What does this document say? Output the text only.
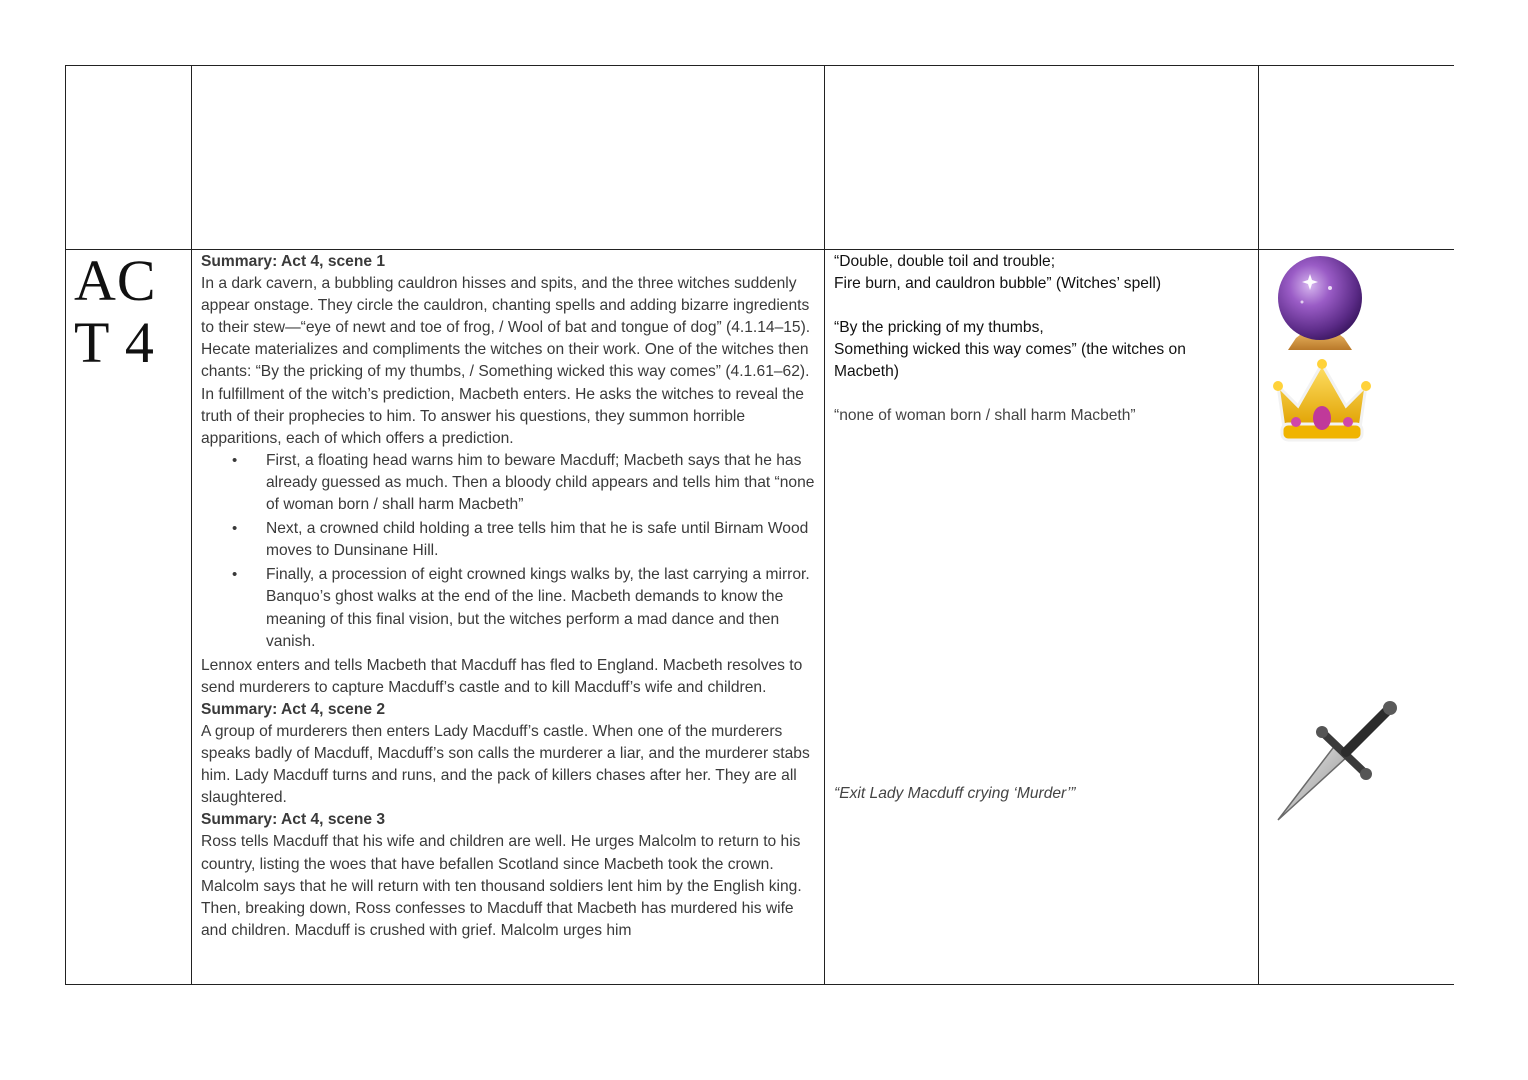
AC
T 4

Summary: Act 4, scene 1

In a dark cavern, a bubbling cauldron hisses and spits, and the three witches suddenly appear onstage. They circle the cauldron, chanting spells and adding bizarre ingredients to their stew—“eye of newt and toe of frog, / Wool of bat and tongue of dog” (4.1.14–15). Hecate materializes and compliments the witches on their work. One of the witches then chants: “By the pricking of my thumbs, / Something wicked this way comes” (4.1.61–62). In fulfillment of the witch’s prediction, Macbeth enters. He asks the witches to reveal the truth of their prophecies to him. To answer his questions, they summon horrible apparitions, each of which offers a prediction.

• First, a floating head warns him to beware Macduff; Macbeth says that he has already guessed as much. Then a bloody child appears and tells him that “none of woman born / shall harm Macbeth”
• Next, a crowned child holding a tree tells him that he is safe until Birnam Wood moves to Dunsinane Hill.
• Finally, a procession of eight crowned kings walks by, the last carrying a mirror. Banquo’s ghost walks at the end of the line. Macbeth demands to know the meaning of this final vision, but the witches perform a mad dance and then vanish.

Lennox enters and tells Macbeth that Macduff has fled to England. Macbeth resolves to send murderers to capture Macduff’s castle and to kill Macduff’s wife and children.

Summary: Act 4, scene 2

A group of murderers then enters Lady Macduff’s castle. When one of the murderers speaks badly of Macduff, Macduff’s son calls the murderer a liar, and the murderer stabs him. Lady Macduff turns and runs, and the pack of killers chases after her. They are all slaughtered.

Summary: Act 4, scene 3

Ross tells Macduff that his wife and children are well. He urges Malcolm to return to his country, listing the woes that have befallen Scotland since Macbeth took the crown. Malcolm says that he will return with ten thousand soldiers lent him by the English king. Then, breaking down, Ross confesses to Macduff that Macbeth has murdered his wife and children. Macduff is crushed with grief. Malcolm urges him

“Double, double toil and trouble;

Fire burn, and cauldron bubble” (Witches’ spell)

“By the pricking of my thumbs,

Something wicked this way comes” (the witches on Macbeth)

“none of woman born / shall harm Macbeth”

“Exit Lady Macduff crying ‘Murder’”
